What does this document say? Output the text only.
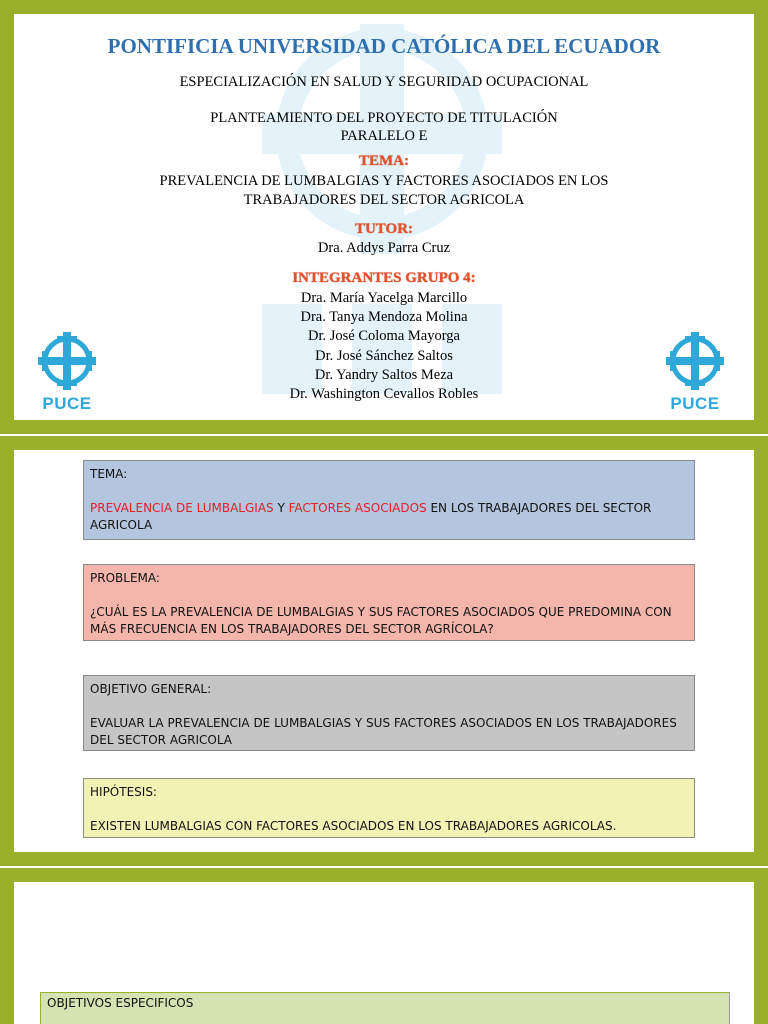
PONTIFICIA UNIVERSIDAD CATÓLICA DEL ECUADOR
ESPECIALIZACIÓN EN SALUD Y SEGURIDAD OCUPACIONAL
PLANTEAMIENTO DEL PROYECTO DE TITULACIÓN
PARALELO E
TEMA:
PREVALENCIA DE LUMBALGIAS Y FACTORES ASOCIADOS EN LOS
TRABAJADORES DEL SECTOR AGRICOLA
TUTOR:
Dra. Addys Parra Cruz
INTEGRANTES GRUPO 4:
Dra. María Yacelga Marcillo
Dra. Tanya Mendoza Molina
Dr. José Coloma Mayorga
Dr. José Sánchez Saltos
Dr. Yandry Saltos Meza
Dr. Washington Cevallos Robles
PUCE	PUCE
TEMA:
PREVALENCIA DE LUMBALGIAS Y FACTORES ASOCIADOS EN LOS TRABAJADORES DEL SECTOR AGRICOLA
PROBLEMA:
¿CUÁL ES LA PREVALENCIA DE LUMBALGIAS Y SUS FACTORES ASOCIADOS QUE PREDOMINA CON MÁS FRECUENCIA EN LOS TRABAJADORES DEL SECTOR AGRÍCOLA?
OBJETIVO GENERAL:
EVALUAR LA PREVALENCIA DE LUMBALGIAS Y SUS FACTORES ASOCIADOS EN LOS TRABAJADORES DEL SECTOR AGRICOLA
HIPÓTESIS:
EXISTEN LUMBALGIAS CON FACTORES ASOCIADOS EN LOS TRABAJADORES AGRICOLAS.
OBJETIVOS ESPECIFICOS
